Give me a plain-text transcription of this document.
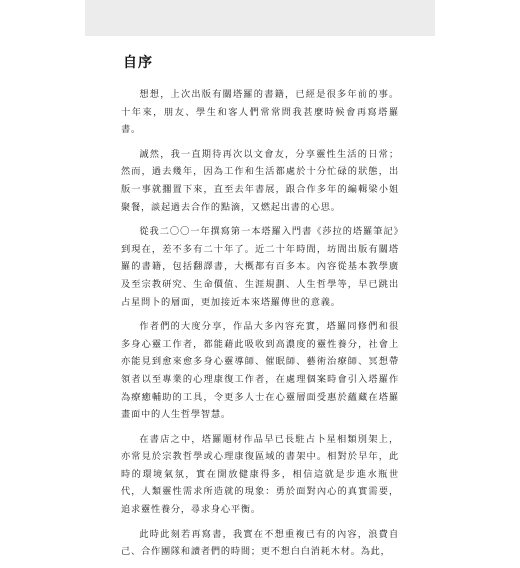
自序

想想，上次出版有關塔羅的書籍，已經是很多年前的事。十年來，朋友、學生和客人們常常問我甚麼時候會再寫塔羅書。

誠然，我一直期待再次以文會友，分享靈性生活的日常；然而，過去幾年，因為工作和生活都處於十分忙碌的狀態，出版一事就擱置下來，直至去年書展，跟合作多年的編輯梁小姐聚餐，談起過去合作的點滴，又燃起出書的心思。

從我二〇〇一年撰寫第一本塔羅入門書《莎拉的塔羅筆記》到現在，差不多有二十年了。近二十年時間，坊間出版有關塔羅的書籍，包括翻譯書，大概都有百多本。內容從基本教學廣及至宗教研究、生命價值、生涯規劃、人生哲學等，早已跳出占星問卜的層面，更加接近本來塔羅傳世的意義。

作者們的大度分享，作品大多內容充實，塔羅同修們和很多身心靈工作者，都能藉此吸收到高濃度的靈性養分，社會上亦能見到愈來愈多身心靈導師、催眠師、藝術治療師、冥想帶領者以至專業的心理康復工作者，在處理個案時會引入塔羅作為療癒輔助的工具，令更多人士在心靈層面受惠於蘊藏在塔羅畫面中的人生哲學智慧。

在書店之中，塔羅題材作品早已長駐占卜星相類別架上，亦常見於宗教哲學或心理康復區域的書架中。相對於早年，此時的環境氣氛，實在開放健康得多，相信這就是步進水瓶世代，人類靈性需求所造就的現象：勇於面對內心的真實需要，追求靈性養分，尋求身心平衡。

此時此刻若再寫書，我實在不想重複已有的內容，浪費自己、合作團隊和讀者們的時間；更不想白白消耗木材。為此，
